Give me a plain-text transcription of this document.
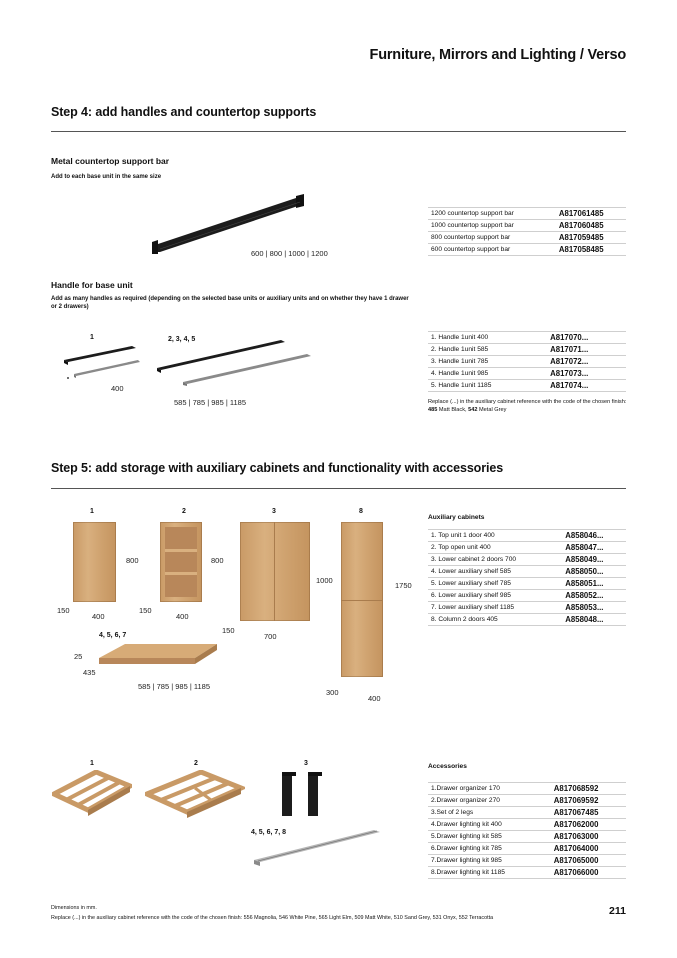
Furniture, Mirrors and Lighting / Verso
Step 4: add handles and countertop supports
Metal countertop support bar
Add to each base unit in the same size
600 | 800 | 1000 | 1200
1200 countertop support bar	A817061485
1000 countertop support bar	A817060485
800 countertop support bar	A817059485
600 countertop support bar	A817058485
Handle for base unit
Add as many handles as required (depending on the selected base units or auxiliary units and on whether they have 1 drawer or 2 drawers)
1
400
2, 3, 4, 5
585 | 785 | 985 | 1185
1. Handle 1unit 400	A817070...
2. Handle 1unit 585	A817071...
3. Handle 1unit 785	A817072...
4. Handle 1unit 985	A817073...
5. Handle 1unit 1185	A817074...
Replace (...) in the auxiliary cabinet reference with the code of the chosen finish: 485 Matt Black, 542 Metal Grey
Step 5: add storage with auxiliary cabinets and functionality with accessories
1
800
150
400
2
800
150
400
3
1000
150
700
8
1750
300
400
4, 5, 6, 7
25
435
585 | 785 | 985 | 1185
Auxiliary cabinets
1. Top unit 1 door 400	A858046...
2. Top open unit 400	A858047...
3. Lower cabinet 2 doors 700	A858049...
4. Lower auxiliary shelf 585	A858050...
5. Lower auxiliary shelf 785	A858051...
6. Lower auxiliary shelf 985	A858052...
7. Lower auxiliary shelf 1185	A858053...
8. Column 2 doors 405	A858048...
1	2	3
4, 5, 6, 7, 8
Accessories
1.Drawer organizer 170	A817068592
2.Drawer organizer 270	A817069592
3.Set of 2 legs	A817067485
4.Drawer lighting kit 400	A817062000
5.Drawer lighting kit 585	A817063000
6.Drawer lighting kit 785	A817064000
7.Drawer lighting kit 985	A817065000
8.Drawer lighting kit 1185	A817066000
Dimensions in mm.
Replace (...) in the auxiliary cabinet reference with the code of the chosen finish: 556 Magnolia, 546 White Pine, 565 Light Elm, 509 Matt White, 510 Sand Grey, 531 Onyx, 552 Terracotta
211
